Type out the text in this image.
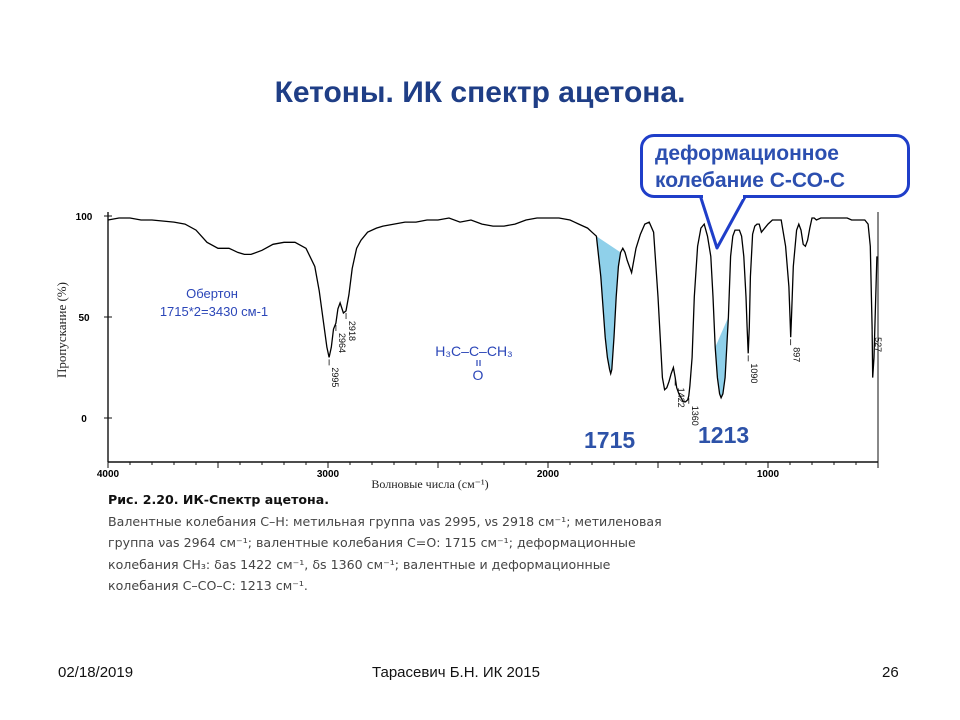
Кетоны. ИК спектр ацетона.
100
50
0
4000	3000	2000	1000
2995
2964
2918
1422
1360
1090
897
527
Пропускание (%)
Волновые числа (см⁻¹)
Обертон
1715*2=3430 см-1
H₃C–C–CH₃
O
деформационное
колебание С-СО-С
1715	1213
Рис. 2.20. ИК-Спектр ацетона.
Валентные колебания С–Н: метильная группа νas 2995, νs 2918 см⁻¹; метиленовая
группа νas 2964 см⁻¹; валентные колебания С=О: 1715 см⁻¹; деформационные
колебания СН₃: δas 1422 см⁻¹, δs 1360 см⁻¹; валентные и деформационные
колебания С–СО–С: 1213 см⁻¹.
02/18/2019	Тарасевич Б.Н. ИК 2015	26
